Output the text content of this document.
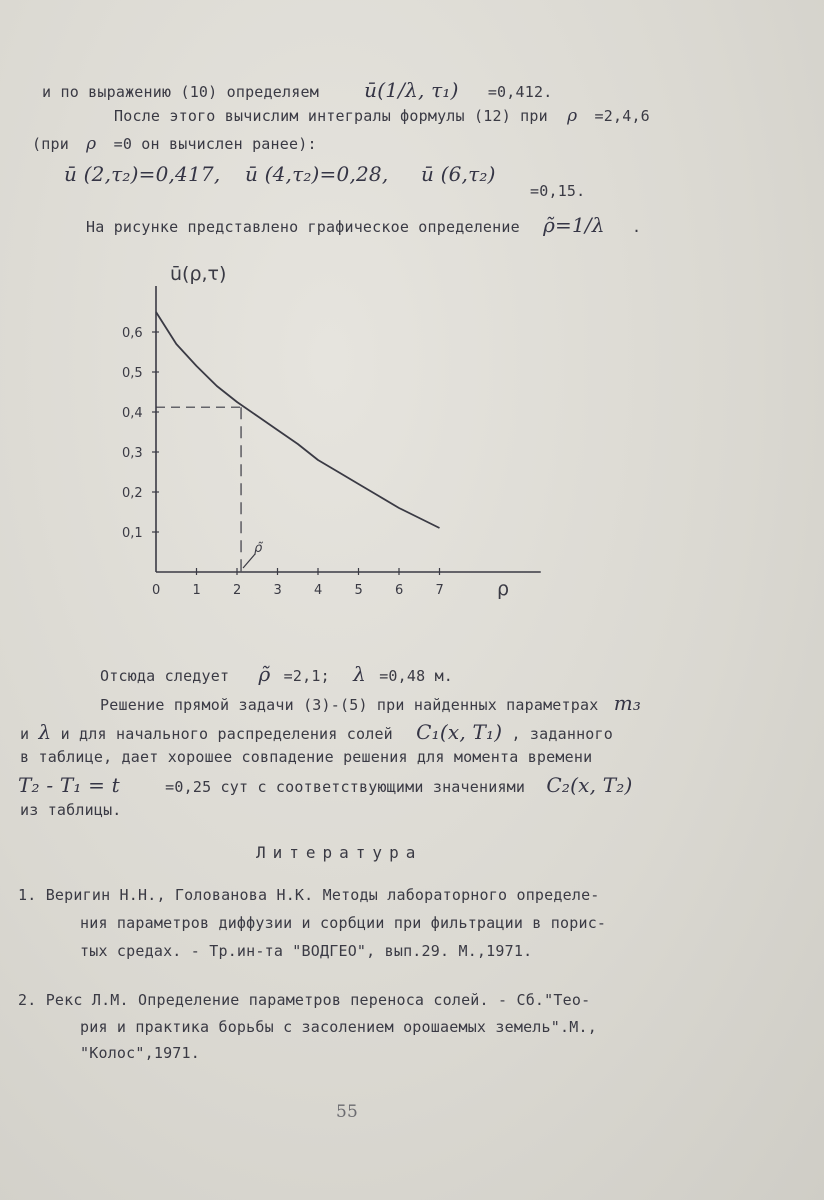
и по выражению (10) определяем ū(1/λ, τ₁) =0,412.
После этого вычислим интегралы формулы (12) при ρ =2,4,6
(при ρ =0 он вычислен ранее):
ū (2,τ₂)=0,417, ū (4,τ₂)=0,28, ū (6,τ₂)
=0,15.
На рисунке представлено графическое определение ρ̃=1/λ .
ū(ρ,τ)
ρ
0,1
0,2
0,3
0,4
0,5
0,6
0 1 2 3 4 5 6 7
ρ̃
Отсюда следует ρ̃ =2,1; λ =0,48 м.
Решение прямой задачи (3)-(5) при найденных параметрах m₃
и λ и для начального распределения солей C₁(x, T₁) , заданного
в таблице, дает хорошее совпадение решения для момента времени
T₂ - T₁ = t	=0,25 сут с соответствующими значениями C₂(x, T₂)
из таблицы.
Литература
1. Веригин Н.Н., Голованова Н.К. Методы лабораторного определе-
ния параметров диффузии и сорбции при фильтрации в порис-
тых средах. - Тр.ин-та "ВОДГЕО", вып.29. М.,1971.
2. Рекс Л.М. Определение параметров переноса солей. - Сб."Тео-
рия и практика борьбы с засолением орошаемых земель".М.,
"Колос",1971.
55
